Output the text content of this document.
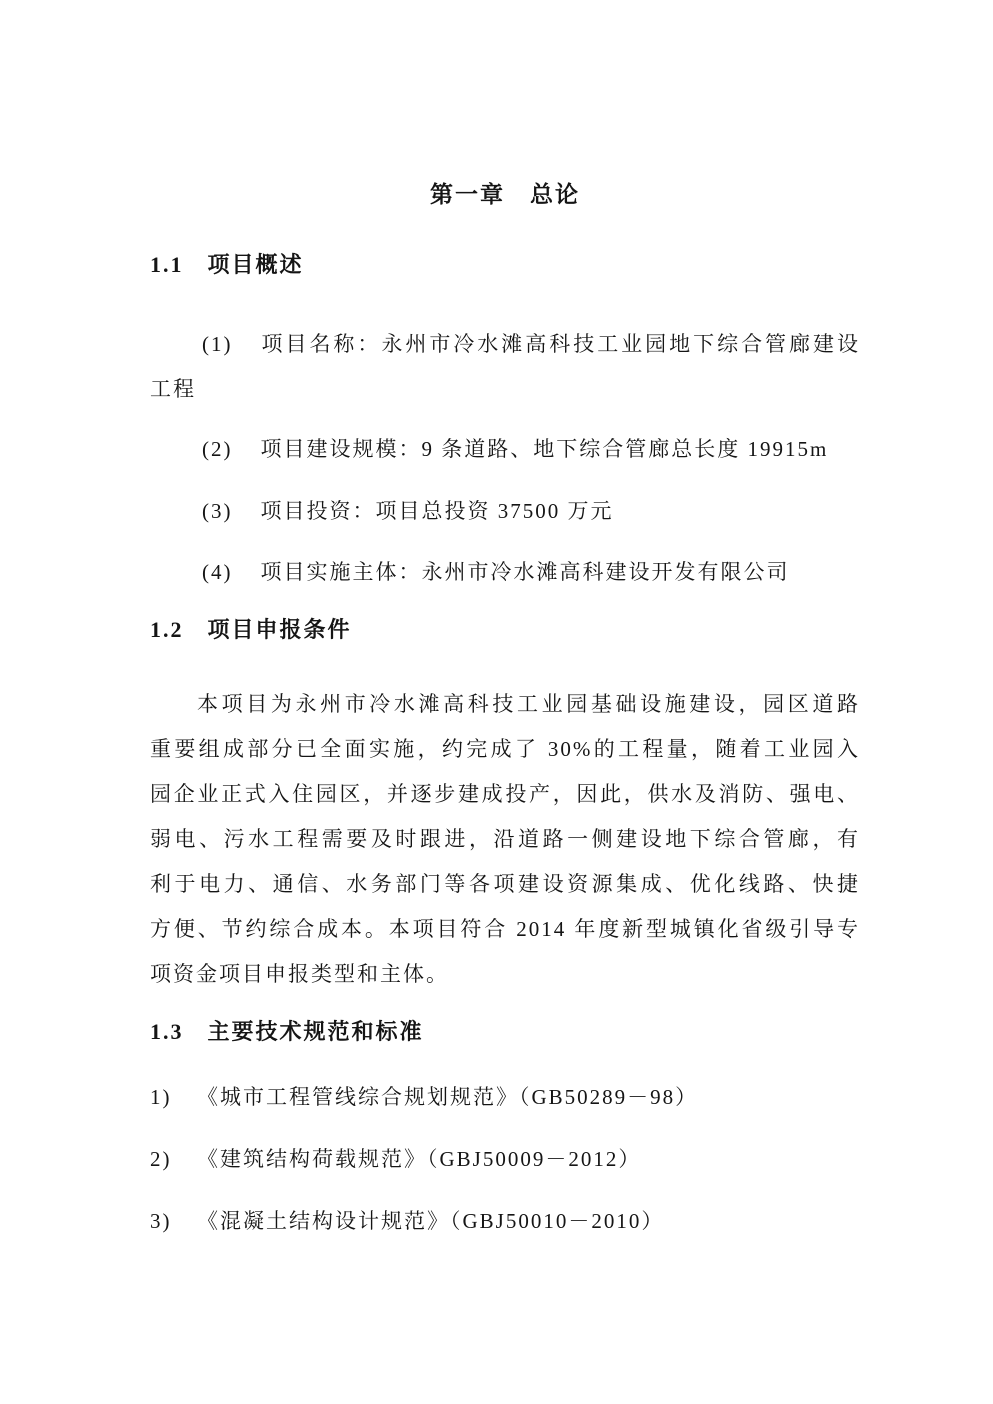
第一章　总论
1.1　项目概述
(1) 项目名称：永州市冷水滩高科技工业园地下综合管廊建设
工程
(2) 项目建设规模：9 条道路、地下综合管廊总长度 19915m
(3) 项目投资：项目总投资 37500 万元
(4) 项目实施主体：永州市冷水滩高科建设开发有限公司
1.2　项目申报条件
本项目为永州市冷水滩高科技工业园基础设施建设，园区道路
重要组成部分已全面实施，约完成了 30%的工程量，随着工业园入
园企业正式入住园区，并逐步建成投产，因此，供水及消防、强电、
弱电、污水工程需要及时跟进，沿道路一侧建设地下综合管廊，有
利于电力、通信、水务部门等各项建设资源集成、优化线路、快捷
方便、节约综合成本。本项目符合 2014 年度新型城镇化省级引导专
项资金项目申报类型和主体。
1.3　主要技术规范和标准
1) 《城市工程管线综合规划规范》（GB50289－98）
2) 《建筑结构荷载规范》（GBJ50009－2012）
3) 《混凝土结构设计规范》（GBJ50010－2010）
